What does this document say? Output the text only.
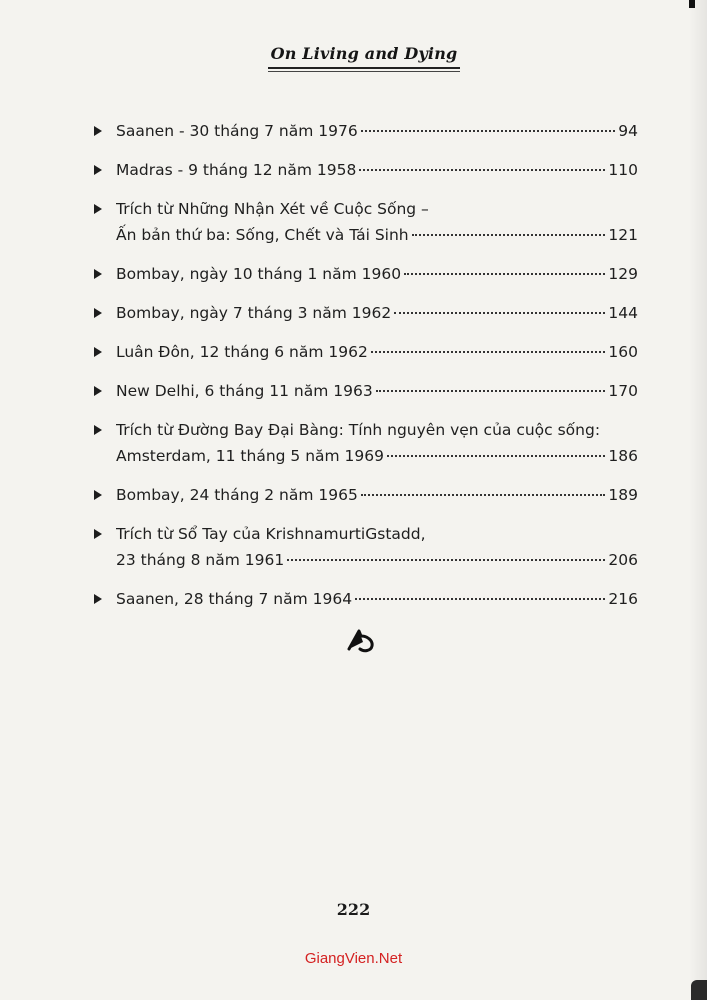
On Living and Dying
Saanen - 30 tháng 7 năm 1976	94
Madras - 9 tháng 12 năm 1958	110
Trích từ Những Nhận Xét về Cuộc Sống –
Ấn bản thứ ba: Sống, Chết và Tái Sinh	121
Bombay, ngày 10 tháng 1 năm 1960	129
Bombay, ngày 7 tháng 3 năm 1962	144
Luân Đôn, 12 tháng 6 năm 1962	160
New Delhi, 6 tháng 11 năm 1963	170
Trích từ Đường Bay Đại Bàng: Tính nguyên vẹn của cuộc sống:
Amsterdam, 11 tháng 5 năm 1969	186
Bombay, 24 tháng 2 năm 1965	189
Trích từ Sổ Tay của KrishnamurtiGstadd,
23 tháng 8 năm 1961	206
Saanen, 28 tháng 7 năm 1964	216
222
GiangVien.Net
